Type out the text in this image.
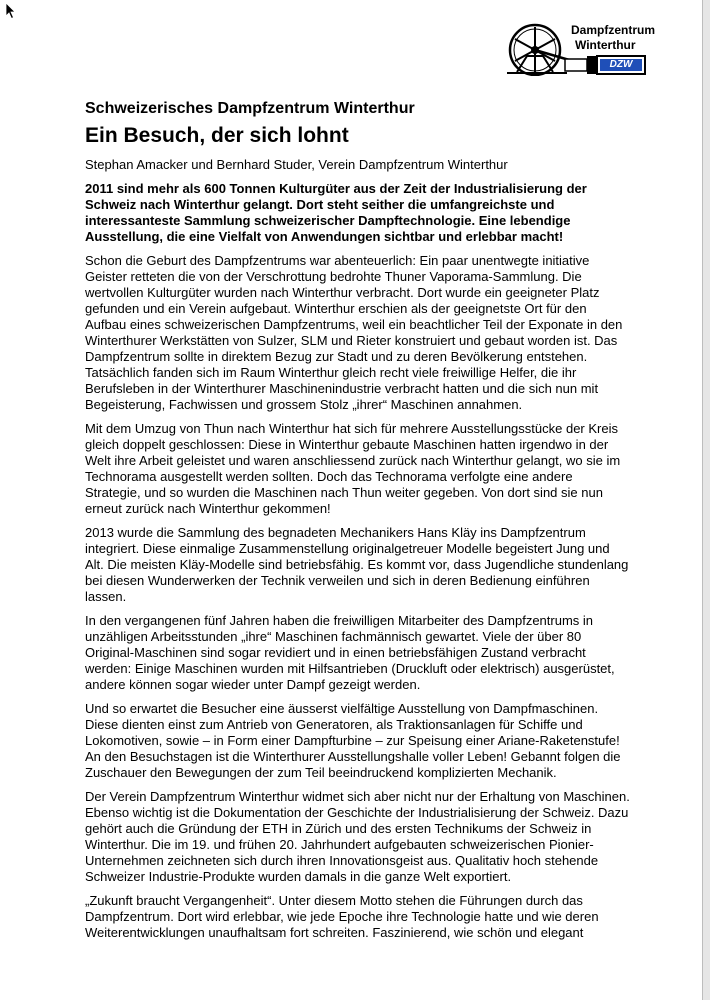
Dampfzentrum
Winterthur
DZW
Schweizerisches Dampfzentrum Winterthur
Ein Besuch, der sich lohnt

Stephan Amacker und Bernhard Studer, Verein Dampfzentrum Winterthur

2011 sind mehr als 600 Tonnen Kulturgüter aus der Zeit der Industrialisierung der Schweiz nach Winterthur gelangt. Dort steht seither die umfangreichste und interessanteste Sammlung schweizerischer Dampftechnologie. Eine lebendige Ausstellung, die eine Vielfalt von Anwendungen sichtbar und erlebbar macht!

Schon die Geburt des Dampfzentrums war abenteuerlich: Ein paar unentwegte initiative Geister retteten die von der Verschrottung bedrohte Thuner Vaporama-Sammlung. Die wertvollen Kulturgüter wurden nach Winterthur verbracht. Dort wurde ein geeigneter Platz gefunden und ein Verein aufgebaut. Winterthur erschien als der geeignetste Ort für den Aufbau eines schweizerischen Dampfzentrums, weil ein beachtlicher Teil der Exponate in den Winterthurer Werkstätten von Sulzer, SLM und Rieter konstruiert und gebaut worden ist. Das Dampfzentrum sollte in direktem Bezug zur Stadt und zu deren Bevölkerung entstehen. Tatsächlich fanden sich im Raum Winterthur gleich recht viele freiwillige Helfer, die ihr Berufsleben in der Winterthurer Maschinenindustrie verbracht hatten und die sich nun mit Begeisterung, Fachwissen und grossem Stolz „ihrer“ Maschinen annahmen.

Mit dem Umzug von Thun nach Winterthur hat sich für mehrere Ausstellungsstücke der Kreis gleich doppelt geschlossen: Diese in Winterthur gebaute Maschinen hatten irgendwo in der Welt ihre Arbeit geleistet und waren anschliessend zurück nach Winterthur gelangt, wo sie im Technorama ausgestellt werden sollten. Doch das Technorama verfolgte eine andere Strategie, und so wurden die Maschinen nach Thun weiter gegeben. Von dort sind sie nun erneut zurück nach Winterthur gekommen!

2013 wurde die Sammlung des begnadeten Mechanikers Hans Kläy ins Dampfzentrum integriert. Diese einmalige Zusammenstellung originalgetreuer Modelle begeistert Jung und Alt. Die meisten Kläy-Modelle sind betriebsfähig. Es kommt vor, dass Jugendliche stundenlang bei diesen Wunderwerken der Technik verweilen und sich in deren Bedienung einführen lassen.

In den vergangenen fünf Jahren haben die freiwilligen Mitarbeiter des Dampfzentrums in unzähligen Arbeitsstunden „ihre“ Maschinen fachmännisch gewartet. Viele der über 80 Original-Maschinen sind sogar revidiert und in einen betriebsfähigen Zustand verbracht werden: Einige Maschinen wurden mit Hilfsantrieben (Druckluft oder elektrisch) ausgerüstet, andere können sogar wieder unter Dampf gezeigt werden.

Und so erwartet die Besucher eine äusserst vielfältige Ausstellung von Dampfmaschinen. Diese dienten einst zum Antrieb von Generatoren, als Traktionsanlagen für Schiffe und Lokomotiven, sowie – in Form einer Dampfturbine – zur Speisung einer Ariane-Raketenstufe! An den Besuchstagen ist die Winterthurer Ausstellungshalle voller Leben! Gebannt folgen die Zuschauer den Bewegungen der zum Teil beeindruckend komplizierten Mechanik.

Der Verein Dampfzentrum Winterthur widmet sich aber nicht nur der Erhaltung von Maschinen. Ebenso wichtig ist die Dokumentation der Geschichte der Industrialisierung der Schweiz. Dazu gehört auch die Gründung der ETH in Zürich und des ersten Technikums der Schweiz in Winterthur. Die im 19. und frühen 20. Jahrhundert aufgebauten schweizerischen Pionier-Unternehmen zeichneten sich durch ihren Innovationsgeist aus. Qualitativ hoch stehende Schweizer Industrie-Produkte wurden damals in die ganze Welt exportiert.

„Zukunft braucht Vergangenheit“. Unter diesem Motto stehen die Führungen durch das Dampfzentrum. Dort wird erlebbar, wie jede Epoche ihre Technologie hatte und wie deren Weiterentwicklungen unaufhaltsam fort schreiten. Faszinierend, wie schön und elegant
